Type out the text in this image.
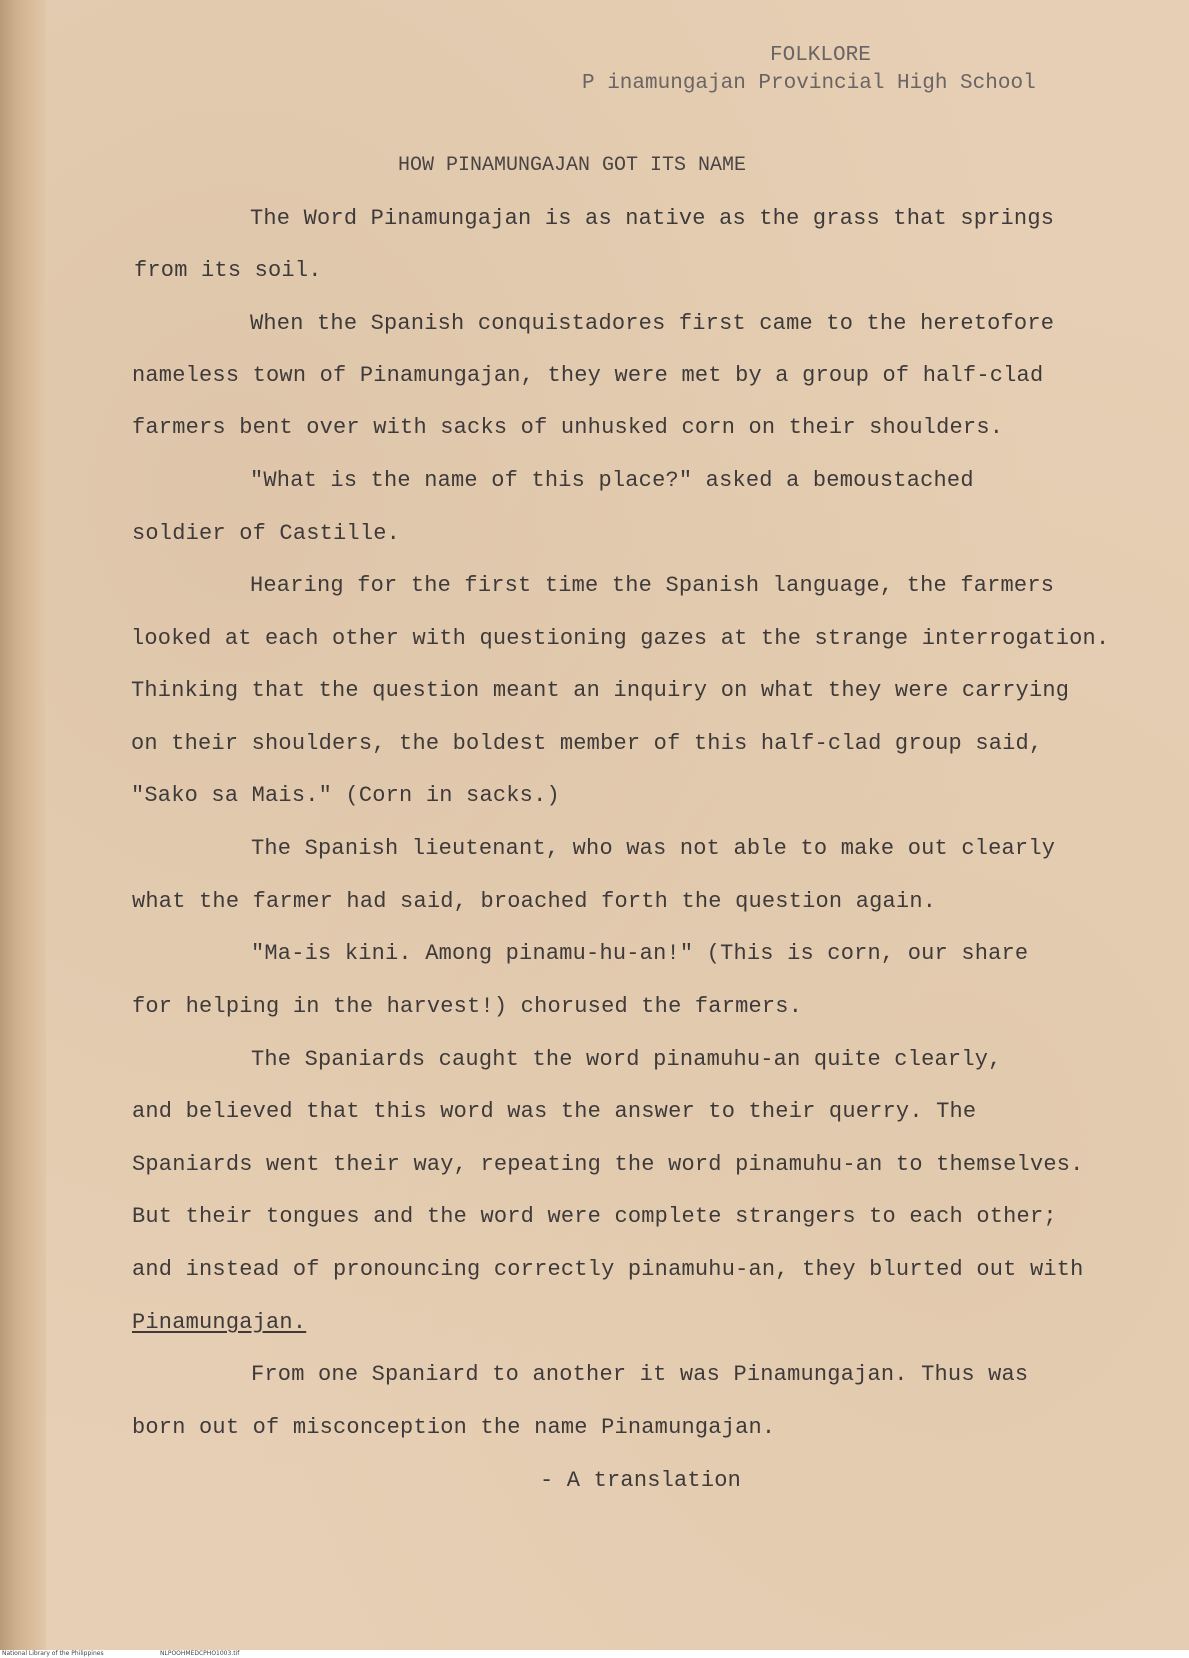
FOLKLORE
P inamungajan Provincial High School
HOW PINAMUNGAJAN GOT ITS NAME
The Word Pinamungajan is as native as the grass that springs
from its soil.
When the Spanish conquistadores first came to the heretofore
nameless town of Pinamungajan, they were met by a group of half-clad
farmers bent over with sacks of unhusked corn on their shoulders.
"What is the name of this place?" asked a bemoustached
soldier of Castille.
Hearing for the first time the Spanish language, the farmers
looked at each other with questioning gazes at the strange interrogation.
Thinking that the question meant an inquiry on what they were carrying
on their shoulders, the boldest member of this half-clad group said,
"Sako sa Mais." (Corn in sacks.)
The Spanish lieutenant, who was not able to make out clearly
what the farmer had said, broached forth the question again.
"Ma-is kini. Among pinamu-hu-an!" (This is corn, our share
for helping in the harvest!) chorused the farmers.
The Spaniards caught the word pinamuhu-an quite clearly,
and believed that this word was the answer to their querry. The
Spaniards went their way, repeating the word pinamuhu-an to themselves.
But their tongues and the word were complete strangers to each other;
and instead of pronouncing correctly pinamuhu-an, they blurted out with
Pinamungajan.
From one Spaniard to another it was Pinamungajan. Thus was
born out of misconception the name Pinamungajan.
- A translation
National Library of the Philippines	NLPOOHMEDCPHO1003.tif
